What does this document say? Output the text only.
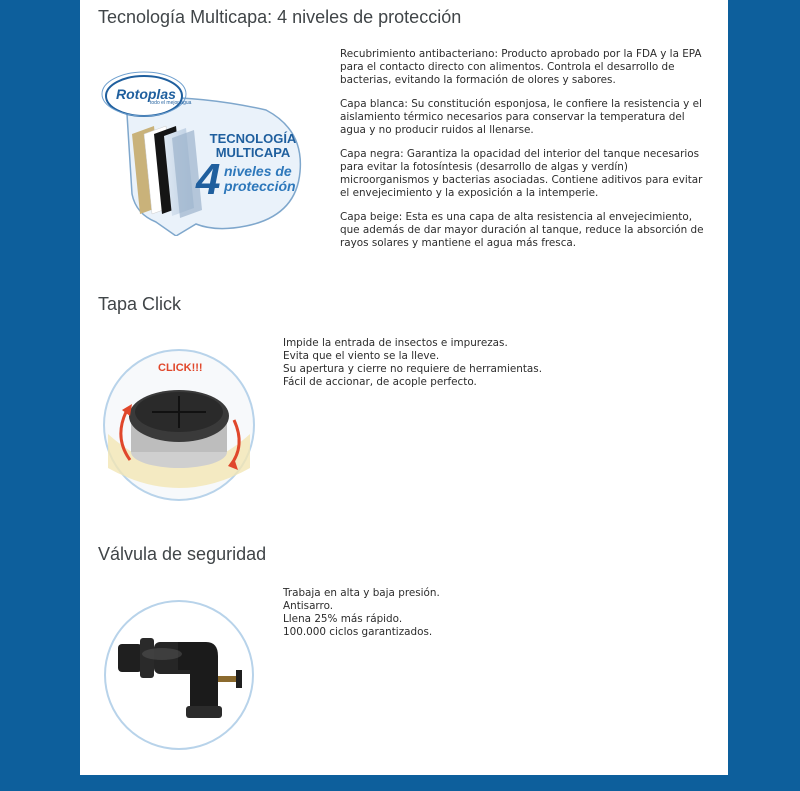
Tecnología Multicapa: 4 niveles de protección
Rotoplas
todo el mejor agua
TECNOLOGÍA
MULTICAPA
4 niveles de
protección

Recubrimiento antibacteriano: Producto aprobado por la FDA y la EPA para el contacto directo con alimentos. Controla el desarrollo de bacterias, evitando la formación de olores y sabores.

Capa blanca: Su constitución esponjosa, le confiere la resistencia y el aislamiento térmico necesarios para conservar la temperatura del agua y no producir ruidos al llenarse.

Capa negra: Garantiza la opacidad del interior del tanque necesarios para evitar la fotosíntesis (desarrollo de algas y verdín) microorganismos y bacterias asociadas. Contiene aditivos para evitar el envejecimiento y la exposición a la intemperie.

Capa beige: Esta es una capa de alta resistencia al envejecimiento, que además de dar mayor duración al tanque, reduce la absorción de rayos solares y mantiene el agua más fresca.

Tapa Click
CLICK!!!

Impide la entrada de insectos e impurezas.

Evita que el viento se la lleve.

Su apertura y cierre no requiere de herramientas.

Fácil de accionar, de acople perfecto.

Válvula de seguridad

Trabaja en alta y baja presión.

Antisarro.

Llena 25% más rápido.

100.000 ciclos garantizados.
